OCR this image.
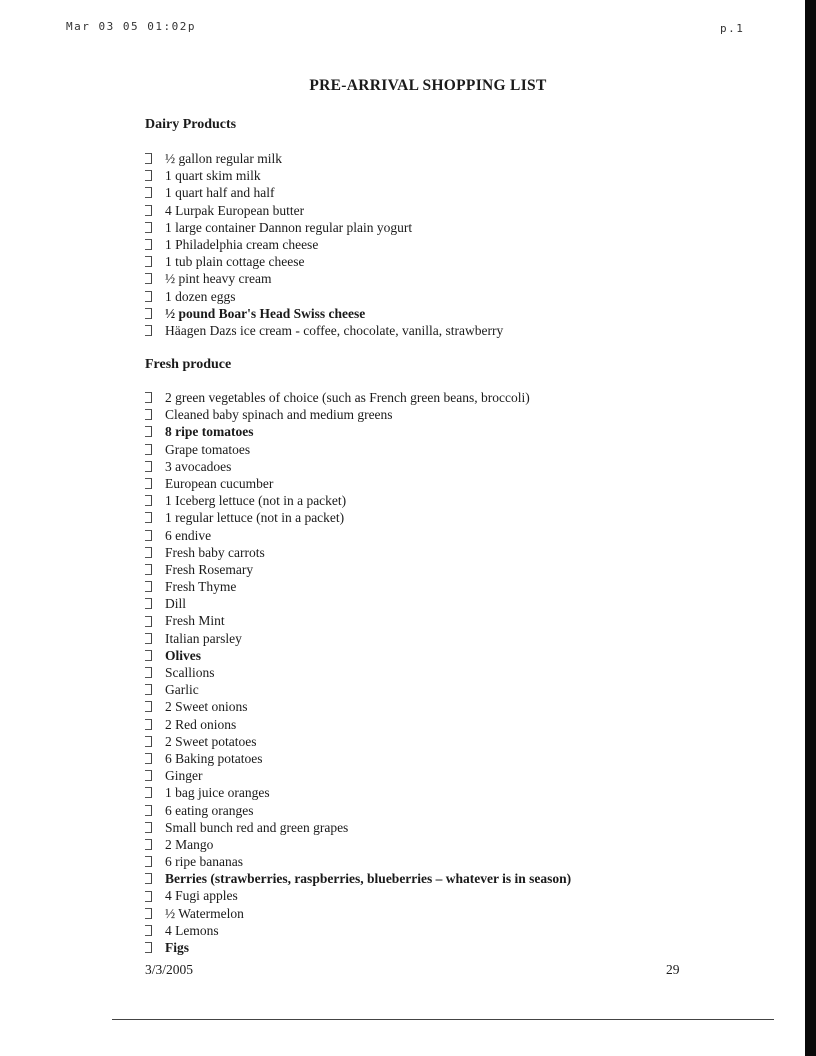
Mar 03 05 01:02p	p.1
PRE-ARRIVAL SHOPPING LIST
Dairy Products
½ gallon regular milk
1 quart skim milk
1 quart half and half
4 Lurpak European butter
1 large container Dannon regular plain yogurt
1 Philadelphia cream cheese
1 tub plain cottage cheese
½ pint heavy cream
1 dozen eggs
½ pound Boar's Head Swiss cheese
Häagen Dazs ice cream - coffee, chocolate, vanilla, strawberry
Fresh produce
2 green vegetables of choice (such as French green beans, broccoli)
Cleaned baby spinach and medium greens
8 ripe tomatoes
Grape tomatoes
3 avocadoes
European cucumber
1 Iceberg lettuce (not in a packet)
1 regular lettuce (not in a packet)
6 endive
Fresh baby carrots
Fresh Rosemary
Fresh Thyme
Dill
Fresh Mint
Italian parsley
Olives
Scallions
Garlic
2 Sweet onions
2 Red onions
2 Sweet potatoes
6 Baking potatoes
Ginger
1 bag juice oranges
6 eating oranges
Small bunch red and green grapes
2 Mango
6 ripe bananas
Berries (strawberries, raspberries, blueberries – whatever is in season)
4 Fugi apples
½ Watermelon
4 Lemons
Figs
3/3/2005	29
